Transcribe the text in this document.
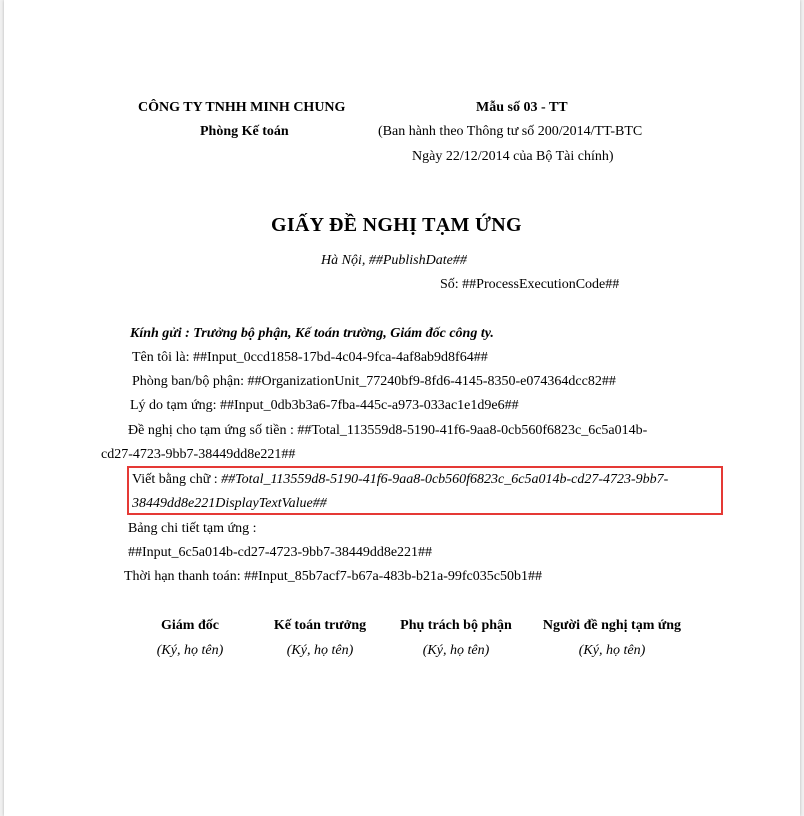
CÔNG TY TNHH MINH CHUNG
Phòng Kế toán
Mẫu số 03 - TT
(Ban hành theo Thông tư số 200/2014/TT-BTC
Ngày 22/12/2014 của Bộ Tài chính)
GIẤY ĐỀ NGHỊ TẠM ỨNG
Hà Nội, ##PublishDate##
Số: ##ProcessExecutionCode##
Kính gửi : Trưởng bộ phận, Kế toán trường, Giám đốc công ty.
Tên tôi là: ##Input_0ccd1858-17bd-4c04-9fca-4af8ab9d8f64##
Phòng ban/bộ phận: ##OrganizationUnit_77240bf9-8fd6-4145-8350-e074364dcc82##
Lý do tạm ứng: ##Input_0db3b3a6-7fba-445c-a973-033ac1e1d9e6##
Đề nghị cho tạm ứng số tiền : ##Total_113559d8-5190-41f6-9aa8-0cb560f6823c_6c5a014b-
cd27-4723-9bb7-38449dd8e221##
Viết bằng chữ : ##Total_113559d8-5190-41f6-9aa8-0cb560f6823c_6c5a014b-cd27-4723-9bb7-
38449dd8e221DisplayTextValue##
Bảng chi tiết tạm ứng :
##Input_6c5a014b-cd27-4723-9bb7-38449dd8e221##
Thời hạn thanh toán: ##Input_85b7acf7-b67a-483b-b21a-99fc035c50b1##
Giám đốc
(Ký, họ tên)
Kế toán trưởng
(Ký, họ tên)
Phụ trách bộ phận
(Ký, họ tên)
Người đề nghị tạm ứng
(Ký, họ tên)
